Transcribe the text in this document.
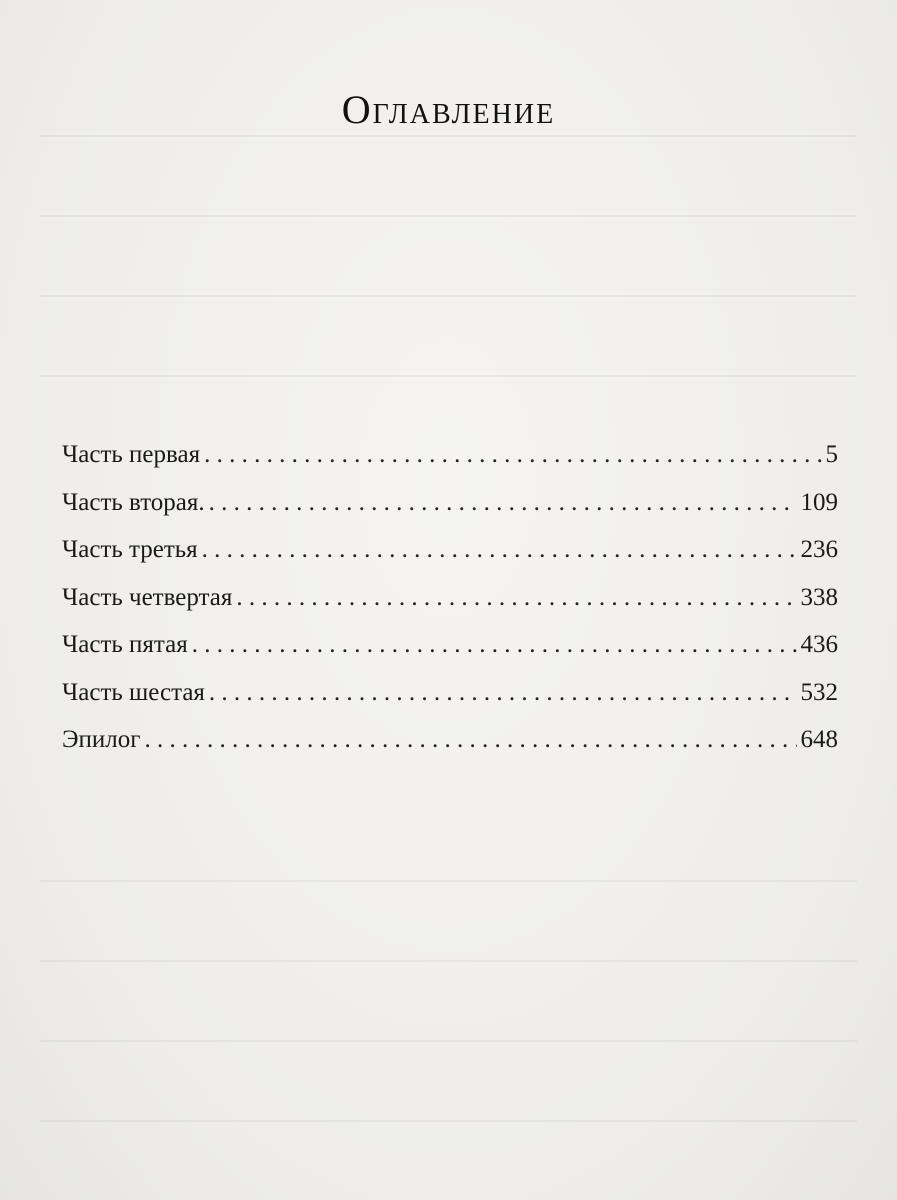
Оглавление
Часть первая . . .	5
Часть вторая. . . .	109
Часть третья . . .	236
Часть четвертая . . .	338
Часть пятая . . .	436
Часть шестая . . .	532
Эпилог . . .	648
